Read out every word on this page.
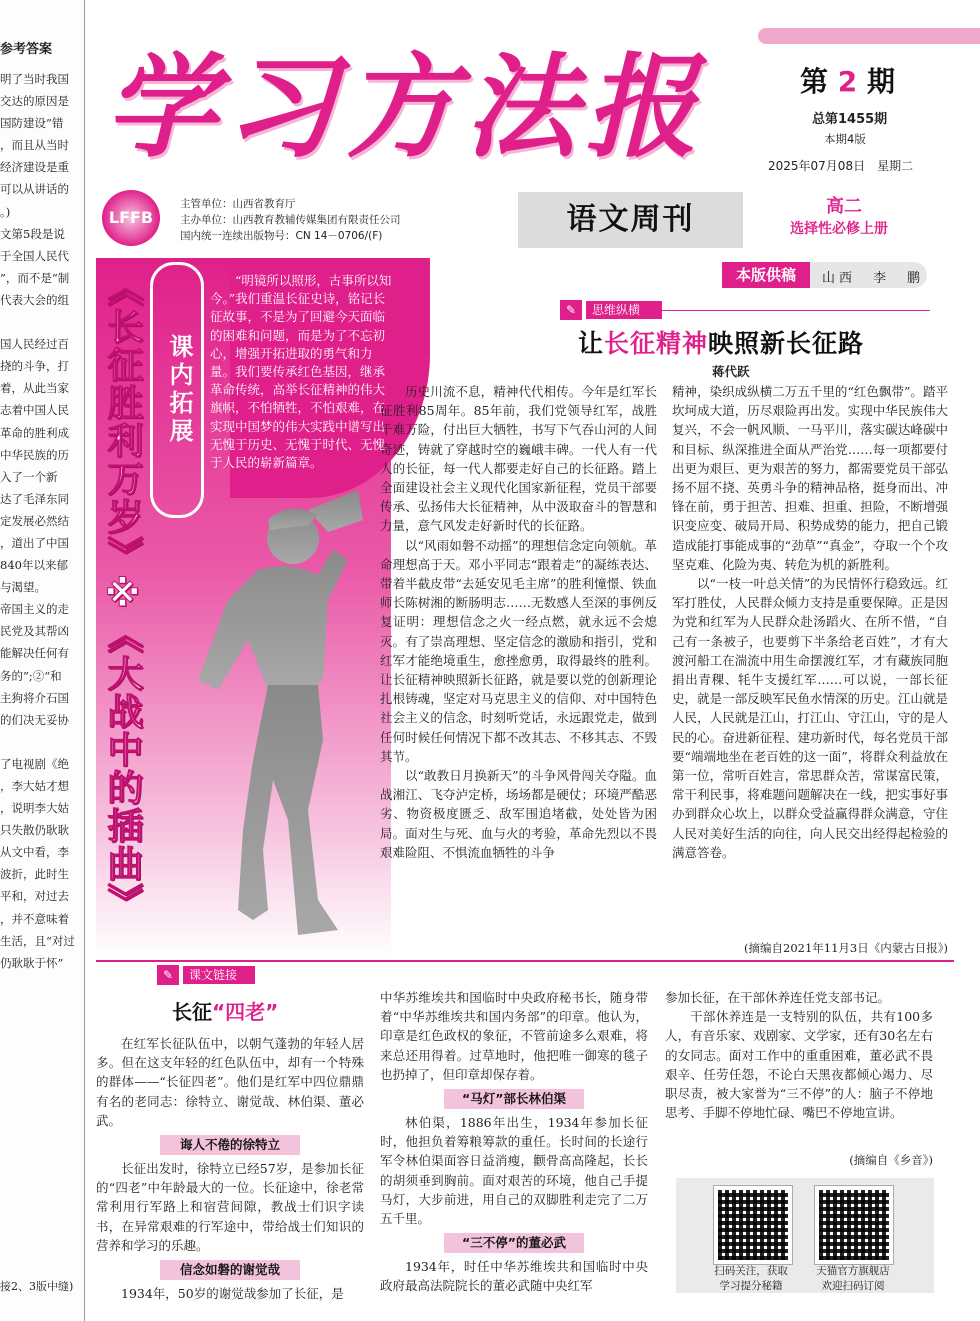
参考答案
明了当时我国
交达的原因是
国防建设”错
，而且从当时
经济建设是重
可以从讲话的
。)
文第5段是说
于全国人民代
”，而不是“制
代表大会的组
国人民经过百
挠的斗争，打
着，从此当家
志着中国人民
革命的胜利成
中华民族的历
入了一个新
达了毛泽东同
定发展必然结
，道出了中国
840年以来郁
与渴望。
帝国主义的走
民党及其帮凶
能解决任何有
务的”;②“和
主狗将介石国
的们决无妥协
了电视剧《绝
，李大姑才想
，说明李大姑
只失散仍耿耿
从文中看，李
波折，此时生
平和，对过去
，并不意味着
生活，且“对过
仍耿耿于怀”
接2、3版中缝)
学习方法报	第 2 期
总第1455期
本期4版
2025年07月08日　星期二
LFFB
主管单位：山西省教育厅
主办单位：山西教育教辅传媒集团有限责任公司
国内统一连续出版物号：CN 14－0706/(F)	语文周刊	高二
选择性必修上册
《长征胜利万岁》※《大战中的插曲》 课内拓展
“明镜所以照形，古事所以知今。”我们重温长征史诗，铭记长征故事，不是为了回避今天面临的困难和问题，而是为了不忘初心，增强开拓进取的勇气和力量。我们要传承红色基因，继承革命传统，高举长征精神的伟大旗帜，不怕牺牲，不怕艰难，在实现中国梦的伟大实践中谱写出无愧于历史、无愧于时代、无愧于人民的崭新篇章。
本版供稿	山西　李　鹏
✎	思维纵横
让长征精神映照新长征路
蒋代跃

历史川流不息，精神代代相传。今年是红军长征胜利85周年。85年前，我们党领导红军，战胜千难万险，付出巨大牺牲，书写下气吞山河的人间奇迹，铸就了穿越时空的巍峨丰碑。一代人有一代人的长征，每一代人都要走好自己的长征路。踏上全面建设社会主义现代化国家新征程，党员干部要传承、弘扬伟大长征精神，从中汲取奋斗的智慧和力量，意气风发走好新时代的长征路。

以“风雨如磐不动摇”的理想信念定向领航。革命理想高于天。邓小平同志“跟着走”的凝练表达、带着半截皮带“去延安见毛主席”的胜利憧憬、铁血师长陈树湘的断肠明志……无数感人至深的事例反复证明：理想信念之火一经点燃，就永远不会熄灭。有了崇高理想、坚定信念的激励和指引，党和红军才能绝境重生，愈挫愈勇，取得最终的胜利。让长征精神映照新长征路，就是要以党的创新理论扎根铸魂，坚定对马克思主义的信仰、对中国特色社会主义的信念，时刻听党话，永远跟党走，做到任何时候任何情况下都不改其志、不移其志、不毁其节。

以“敢教日月换新天”的斗争风骨闯关夺隘。血战湘江、飞夺泸定桥，场场都是硬仗；环境严酷恶劣、物资极度匮乏、敌军围追堵截，处处皆为困局。面对生与死、血与火的考验，革命先烈以不畏艰难险阻、不惧流血牺牲的斗争

精神，染织成纵横二万五千里的“红色飘带”。踏平坎坷成大道，历尽艰险再出发。实现中华民族伟大复兴，不会一帆风顺、一马平川，落实碳达峰碳中和目标、纵深推进全面从严治党……每一项都要付出更为艰巨、更为艰苦的努力，都需要党员干部弘扬不屈不挠、英勇斗争的精神品格，挺身而出、冲锋在前，勇于担苦、担难、担重、担险，不断增强识变应变、破局开局、积势成势的能力，把自己锻造成能打事能成事的“劲草”“真金”，夺取一个个攻坚克难、化险为夷、转危为机的新胜利。

以“一枝一叶总关情”的为民情怀行稳致远。红军打胜仗，人民群众倾力支持是重要保障。正是因为党和红军为人民群众赴汤蹈火、在所不惜，“自己有一条被子，也要剪下半条给老百姓”，才有大渡河船工在湍流中用生命摆渡红军，才有藏族同胞捐出青稞、牦牛支援红军……可以说，一部长征史，就是一部反映军民鱼水情深的历史。江山就是人民，人民就是江山，打江山、守江山，守的是人民的心。奋进新征程、建功新时代，每名党员干部要“端端地坐在老百姓的这一面”，将群众利益放在第一位，常听百姓言，常思群众苦，常谋富民策，常干利民事，将难题问题解决在一线，把实事好事办到群众心坎上，以群众受益赢得群众满意，守住人民对美好生活的向往，向人民交出经得起检验的满意答卷。

(摘编自2021年11月3日《内蒙古日报》)
✎	课文链接
长征“四老”

在红军长征队伍中，以朝气蓬勃的年轻人居多。但在这支年轻的红色队伍中，却有一个特殊的群体——“长征四老”。他们是红军中四位鼎鼎有名的老同志：徐特立、谢觉哉、林伯渠、董必武。

诲人不倦的徐特立

长征出发时，徐特立已经57岁，是参加长征的“四老”中年龄最大的一位。长征途中，徐老常常利用行军路上和宿营间隙，教战士们识字读书，在异常艰难的行军途中，带给战士们知识的营养和学习的乐趣。

信念如磐的谢觉哉

1934年，50岁的谢觉哉参加了长征，是

中华苏维埃共和国临时中央政府秘书长，随身带着“中华苏维埃共和国内务部”的印章。他认为，印章是红色政权的象征，不管前途多么艰难，将来总还用得着。过草地时，他把唯一御寒的毯子也扔掉了，但印章却保存着。

“马灯”部长林伯渠

林伯渠，1886年出生，1934年参加长征时，他担负着筹粮筹款的重任。长时间的长途行军令林伯渠面容日益消瘦，颧骨高高隆起，长长的胡须垂到胸前。面对艰苦的环境，他自己手提马灯，大步前进，用自己的双脚胜利走完了二万五千里。

“三不停”的董必武

1934年，时任中华苏维埃共和国临时中央政府最高法院院长的董必武随中央红军

参加长征，在干部休养连任党支部书记。

干部休养连是一支特别的队伍，共有100多人，有音乐家、戏剧家、文学家，还有30名左右的女同志。面对工作中的重重困难，董必武不畏艰辛、任劳任怨，不论白天黑夜都倾心竭力、尽职尽责，被大家誉为“三不停”的人：脑子不停地思考、手脚不停地忙碌、嘴巴不停地宣讲。

(摘编自《乡音》)
扫码关注，获取
学习提分秘籍
天猫官方旗舰店
欢迎扫码订阅
